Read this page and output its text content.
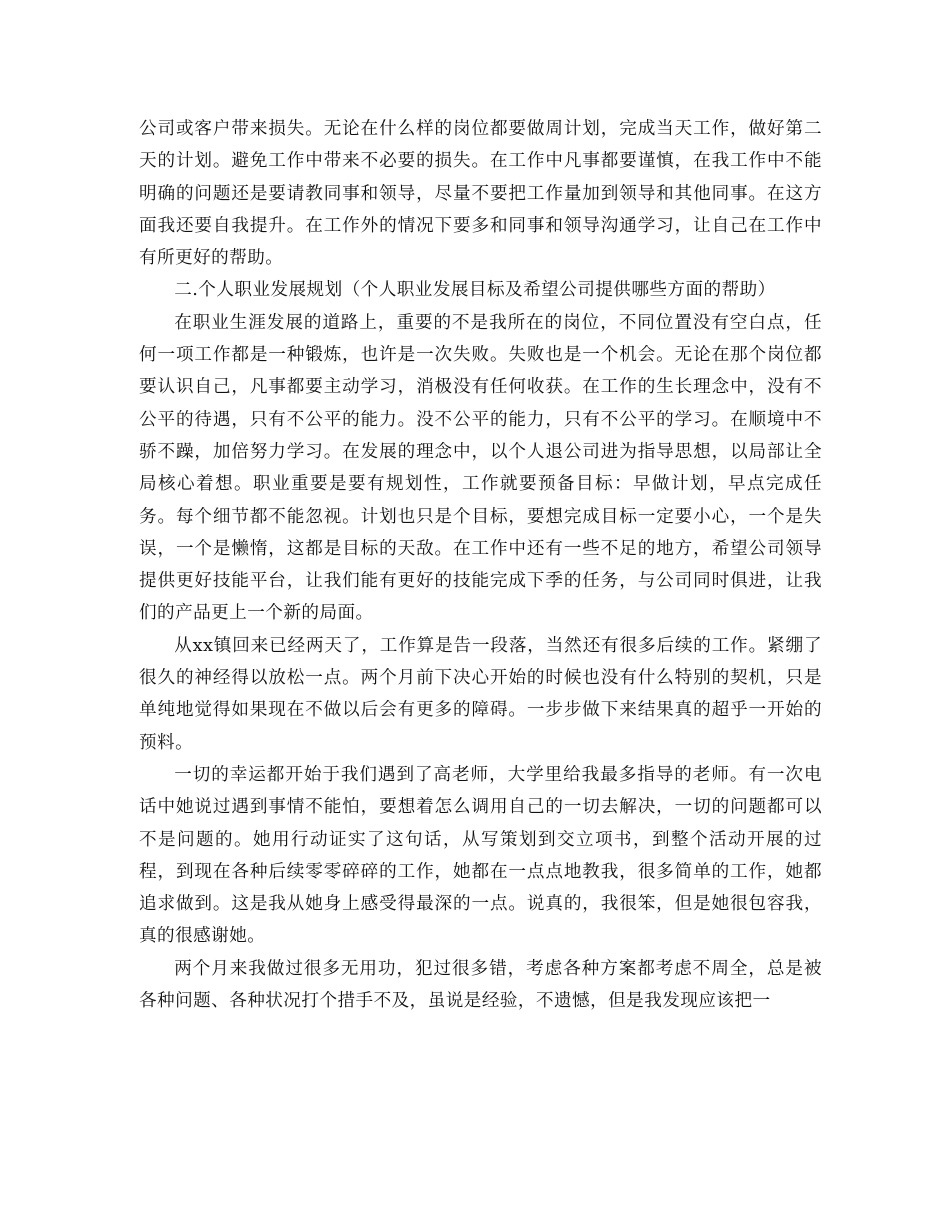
公司或客户带来损失。无论在什么样的岗位都要做周计划，完成当天工作，做好第二天的计划。避免工作中带来不必要的损失。在工作中凡事都要谨慎，在我工作中不能明确的问题还是要请教同事和领导，尽量不要把工作量加到领导和其他同事。在这方面我还要自我提升。在工作外的情况下要多和同事和领导沟通学习，让自己在工作中有所更好的帮助。

二.个人职业发展规划（个人职业发展目标及希望公司提供哪些方面的帮助）

在职业生涯发展的道路上，重要的不是我所在的岗位，不同位置没有空白点，任何一项工作都是一种锻炼，也许是一次失败。失败也是一个机会。无论在那个岗位都要认识自己，凡事都要主动学习，消极没有任何收获。在工作的生长理念中，没有不公平的待遇，只有不公平的能力。没不公平的能力，只有不公平的学习。在顺境中不骄不躁，加倍努力学习。在发展的理念中，以个人退公司进为指导思想，以局部让全局核心着想。职业重要是要有规划性，工作就要预备目标：早做计划，早点完成任务。每个细节都不能忽视。计划也只是个目标，要想完成目标一定要小心，一个是失误，一个是懒惰，这都是目标的天敌。在工作中还有一些不足的地方，希望公司领导提供更好技能平台，让我们能有更好的技能完成下季的任务，与公司同时俱进，让我们的产品更上一个新的局面。

从xx镇回来已经两天了，工作算是告一段落，当然还有很多后续的工作。紧绷了很久的神经得以放松一点。两个月前下决心开始的时候也没有什么特别的契机，只是单纯地觉得如果现在不做以后会有更多的障碍。一步步做下来结果真的超乎一开始的预料。

一切的幸运都开始于我们遇到了高老师，大学里给我最多指导的老师。有一次电话中她说过遇到事情不能怕，要想着怎么调用自己的一切去解决，一切的问题都可以不是问题的。她用行动证实了这句话，从写策划到交立项书，到整个活动开展的过程，到现在各种后续零零碎碎的工作，她都在一点点地教我，很多简单的工作，她都追求做到。这是我从她身上感受得最深的一点。说真的，我很笨，但是她很包容我，真的很感谢她。

两个月来我做过很多无用功，犯过很多错，考虑各种方案都考虑不周全，总是被各种问题、各种状况打个措手不及，虽说是经验，不遗憾，但是我发现应该把一
